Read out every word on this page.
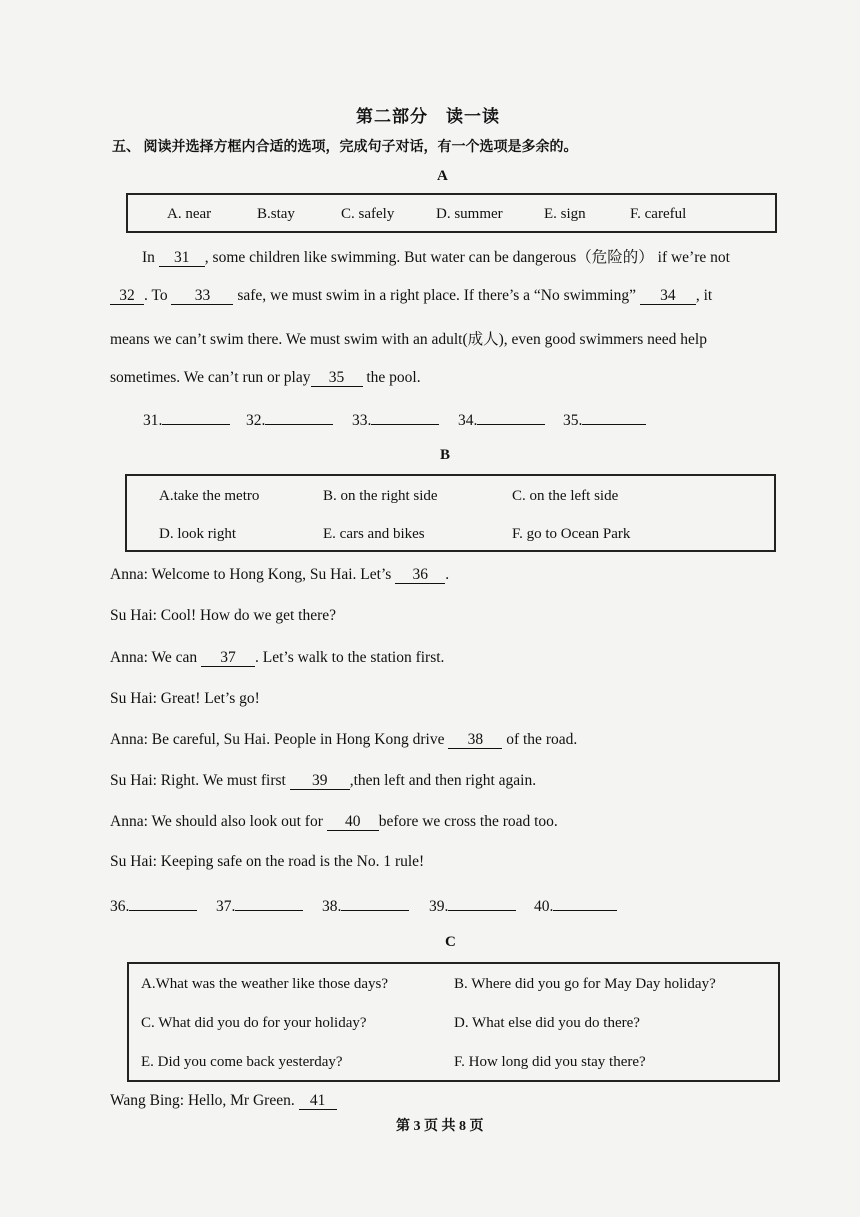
第二部分　读一读
五、 阅读并选择方框内合适的选项，完成句子对话，有一个选项是多余的。
A
A. near	B.stay	C. safely	D. summer	E. sign	F. careful
In 31 , some children like swimming. But water can be dangerous（危险的） if we’re not
32 . To 33 safe, we must swim in a right place. If there’s a “No swimming” 34 , it
means we can’t swim there. We must swim with an adult(成人), even good swimmers need help
sometimes. We can’t run or play 35 the pool.
31.	32.	33.	34.	35.
B
A.take the metro	B. on the right side	C. on the left side
D. look right	E. cars and bikes	F. go to Ocean Park
Anna: Welcome to Hong Kong, Su Hai. Let’s 36 .
Su Hai: Cool! How do we get there?
Anna: We can 37 . Let’s walk to the station first.
Su Hai: Great! Let’s go!
Anna: Be careful, Su Hai. People in Hong Kong drive 38 of the road.
Su Hai: Right. We must first 39 ,then left and then right again.
Anna: We should also look out for 40 before we cross the road too.
Su Hai: Keeping safe on the road is the No. 1 rule!
36.	37.	38.	39.	40.
C
A.What was the weather like those days?	B. Where did you go for May Day holiday?
C. What did you do for your holiday?	D. What else did you do there?
E. Did you come back yesterday?	F. How long did you stay there?
Wang Bing: Hello, Mr Green. 41
第 3 页 共 8 页
